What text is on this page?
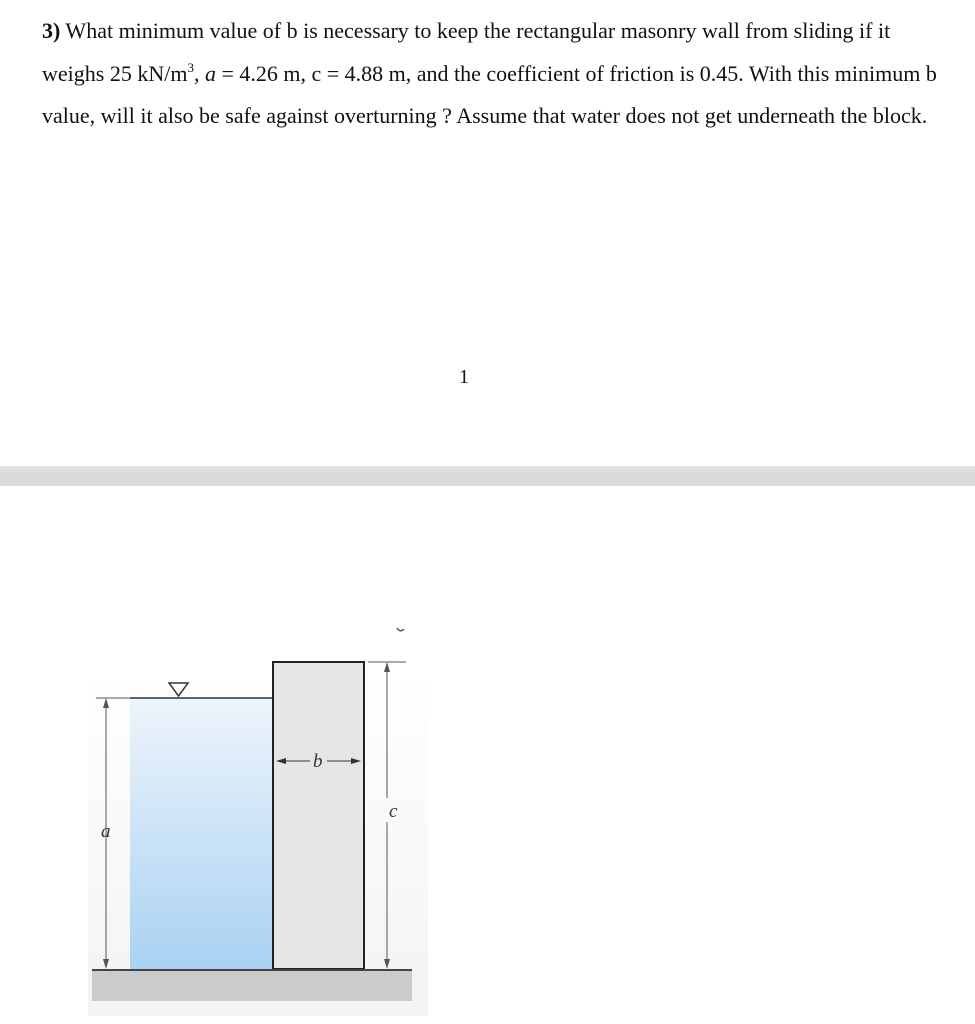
3) What minimum value of b is necessary to keep the rectangular masonry wall from sliding if it weighs 25 $kN/m^3$, a = 4.26 m, c = 4.88 m, and the coefficient of friction is 0.45. With this minimum b value, will it also be safe against overturning ? Assume that water does not get underneath the block.

1
a
b
c
